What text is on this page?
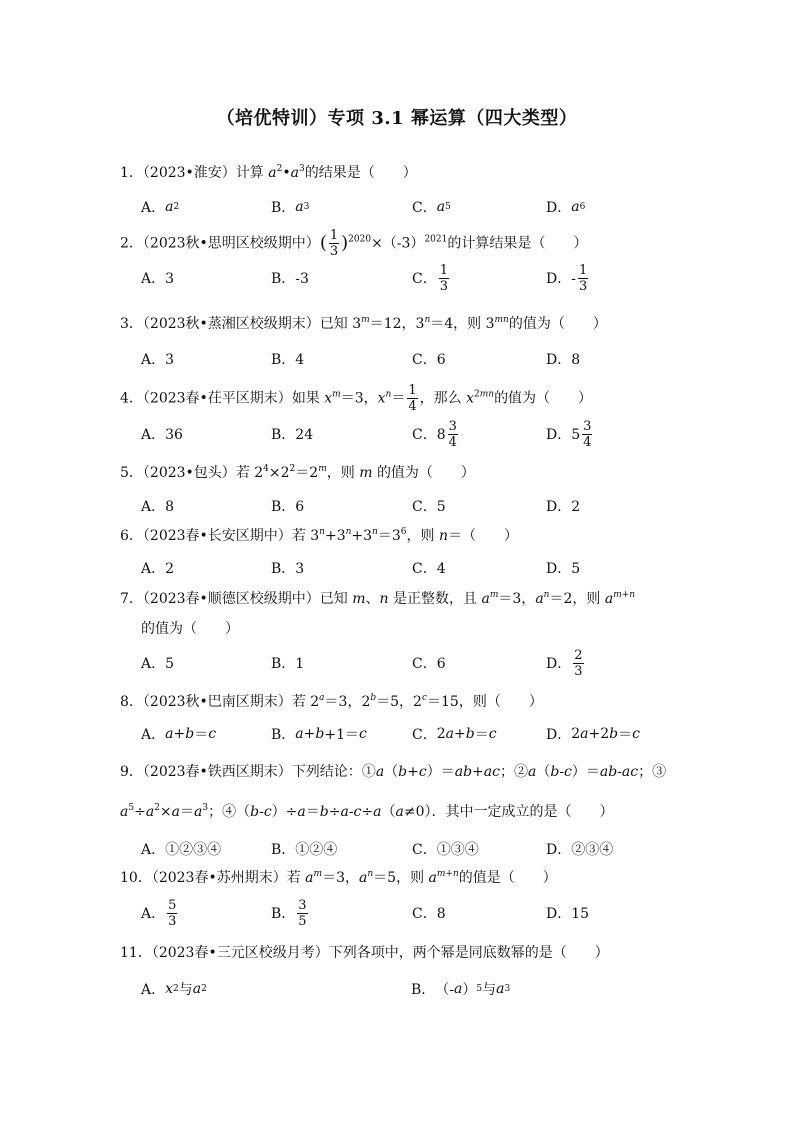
（培优特训）专项 3.1 幂运算（四大类型）
1．（2023•淮安）计算 $a^2•a^3$的结果是（　　）
A． a 2	B． a 3	C． a 5	D． a 6
2．（2023秋•思明区校级期中）( $\frac{1}{3} )^{2020}\times(-3)^{2021}$的计算结果是（　　）
A．3	B．-3	C． $\frac{1}{3}$	D．- $\frac{1}{3}$
3．（2023秋•蒸湘区校级期末）已知 $3^m=12$，$3^n=4$，则 $3^{mn}$的值为（　　）
A．3	B．4	C．6	D．8
4．（2023春•茌平区期末）如果 $x^m=3$，$x^n= \frac{1}{4}$ ，那么 $x^{2mn}$的值为（　　）
A．36	B．24	C．$8 \frac{3}{4}$	D．$5 \frac{3}{4}$
5．（2023•包头）若 $2^4\times 2^2=2^m$，则 m 的值为（　　）
A．8	B．6	C．5	D．2
6．（2023春•长安区期中）若 $3^n+3^n+3^n=3^6$，则 n＝（　　）
A．2	B．3	C．4	D．5
7．（2023春•顺德区校级期中）已知 m、n 是正整数，且 $a^m=3$，$a^n=2$，则 $a^{m+n}$
的值为（　　）
A．5	B．1	C．6	D． $\frac{2}{3}$
8．（2023秋•巴南区期末）若 $2^a=3$，$2^b=5$，$2^c=15$，则（　　）
A． a + b ＝ c	B． a + b +1＝ c	C． 2 a + b ＝ c	D． 2 a +2 b ＝ c
9．（2023春•铁西区期末）下列结论：①a（b+c）＝ab+ac；②a（b-c）＝ab-ac；③
$a^5\div a^2\times a=a^3$；④（b-c）÷a＝b÷a-c÷a（a≠0）．其中一定成立的是（　　）
A．①②③④	B．①②④	C．①③④	D．②③④
10．（2023春•苏州期末）若 $a^m=3$，$a^n=5$，则 $a^{m+n}$的值是（　　）
A． $\frac{5}{3}$	B． $\frac{3}{5}$	C．8	D．15
11．（2023春•三元区校级月考）下列各项中，两个幂是同底数幂的是（　　）
A． x 2 与 a 2	B． （- a ） 5 与 a 3
